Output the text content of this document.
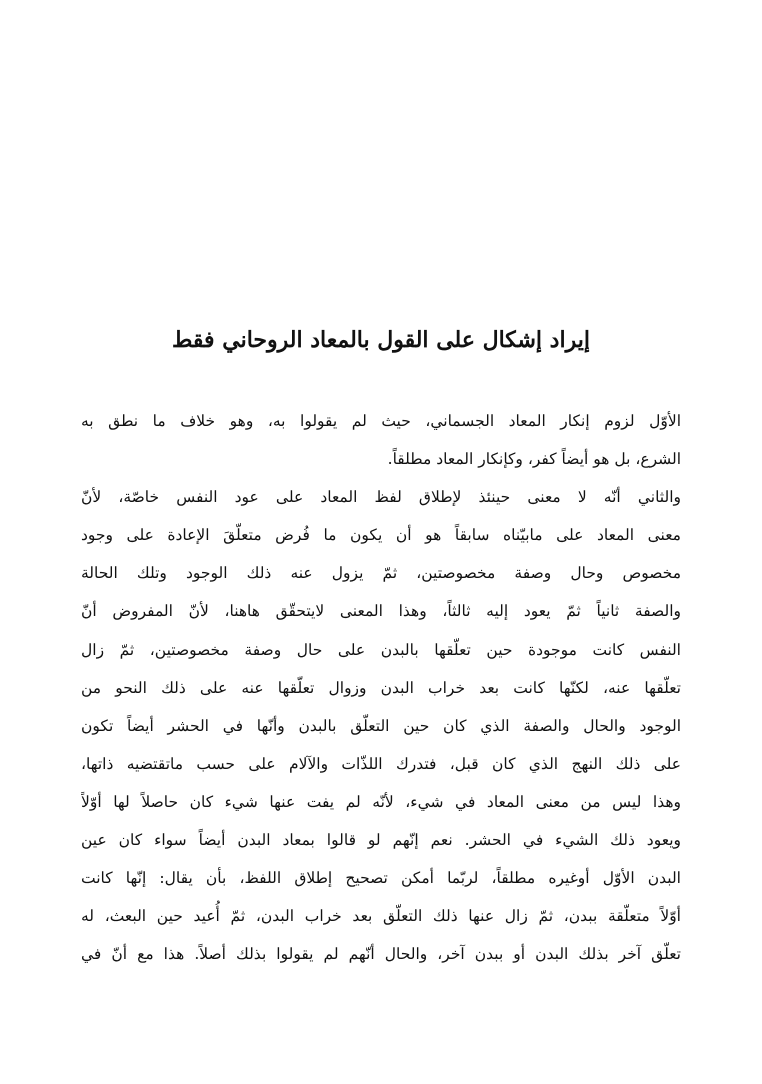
إيراد إشكال على القول بالمعاد الروحاني فقط
الأوّل لزوم إنكار المعاد الجسماني، حيث لم يقولوا به، وهو خلاف ما نطق به
الشرع، بل هو أيضاً كفر، وكإنكار المعاد مطلقاً.
والثاني أنّه لا معنى حينئذ لإطلاق لفظ المعاد على عود النفس خاصّة، لأنّ
معنى المعاد على مابيّناه سابقاً هو أن يكون ما فُرض متعلّقَ الإعادة على وجود
مخصوص وحال وصفة مخصوصتين، ثمّ يزول عنه ذلك الوجود وتلك الحالة
والصفة ثانياً ثمّ يعود إليه ثالثاً، وهذا المعنى لايتحقّق هاهنا، لأنّ المفروض أنّ
النفس كانت موجودة حين تعلّقها بالبدن على حال وصفة مخصوصتين، ثمّ زال
تعلّقها عنه، لكنّها كانت بعد خراب البدن وزوال تعلّقها عنه على ذلك النحو من
الوجود والحال والصفة الذي كان حين التعلّق بالبدن وأنّها في الحشر أيضاً تكون
على ذلك النهج الذي كان قبل، فتدرك اللذّات والآلام على حسب ماتقتضيه ذاتها،
وهذا ليس من معنى المعاد في شيء، لأنّه لم يفت عنها شيء كان حاصلاً لها أوّلاً
ويعود ذلك الشيء في الحشر. نعم إنّهم لو قالوا بمعاد البدن أيضاً سواء كان عين
البدن الأوّل أوغيره مطلقاً، لربّما أمكن تصحيح إطلاق اللفظ، بأن يقال: إنّها كانت
أوّلاً متعلّقة ببدن، ثمّ زال عنها ذلك التعلّق بعد خراب البدن، ثمّ أُعيد حين البعث، له
تعلّق آخر بذلك البدن أو ببدن آخر، والحال أنّهم لم يقولوا بذلك أصلاً. هذا مع أنّ في
